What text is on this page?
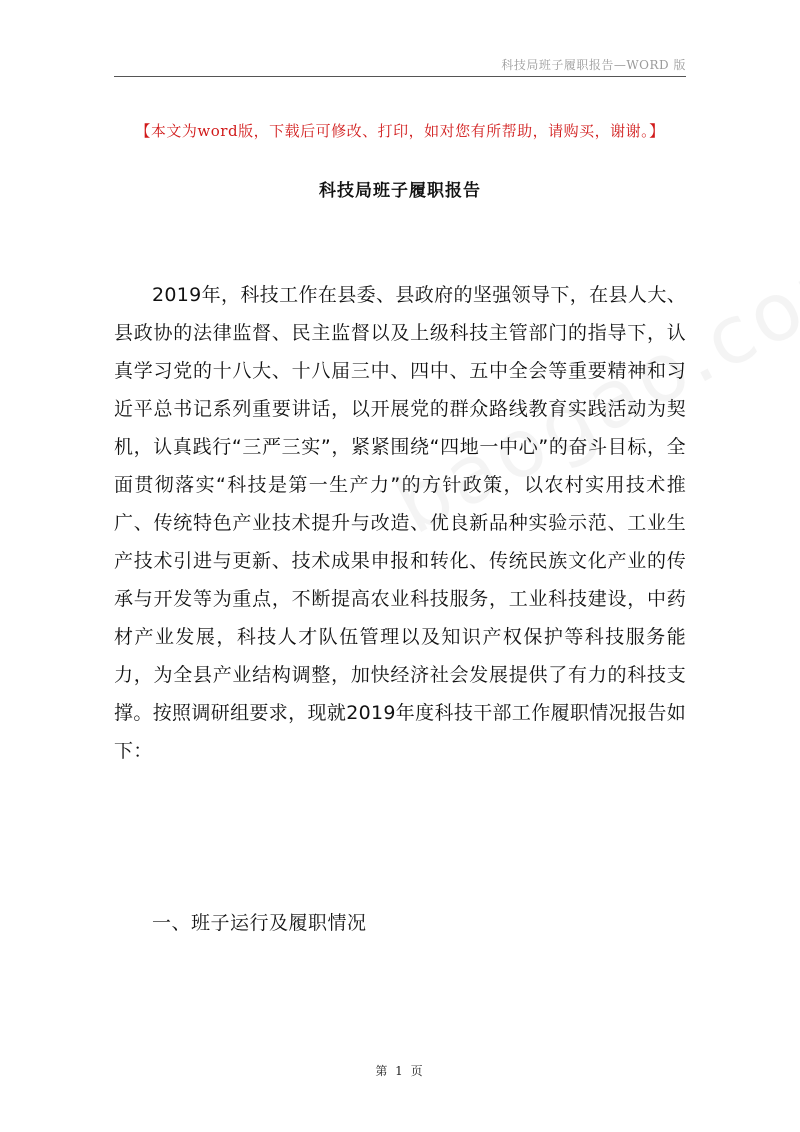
科技局班子履职报告—WORD 版
【本文为word版，下载后可修改、打印，如对您有所帮助，请购买，谢谢。】
科技局班子履职报告

2019年，科技工作在县委、县政府的坚强领导下，在县人大、县政协的法律监督、民主监督以及上级科技主管部门的指导下，认真学习党的十八大、十八届三中、四中、五中全会等重要精神和习近平总书记系列重要讲话，以开展党的群众路线教育实践活动为契机，认真践行“三严三实”，紧紧围绕“四地一中心”的奋斗目标，全面贯彻落实“科技是第一生产力”的方针政策，以农村实用技术推广、传统特色产业技术提升与改造、优良新品种实验示范、工业生产技术引进与更新、技术成果申报和转化、传统民族文化产业的传承与开发等为重点，不断提高农业科技服务，工业科技建设，中药材产业发展，科技人才队伍管理以及知识产权保护等科技服务能力，为全县产业结构调整，加快经济社会发展提供了有力的科技支撑。按照调研组要求，现就2019年度科技干部工作履职情况报告如下：

一、班子运行及履职情况
第 1 页
